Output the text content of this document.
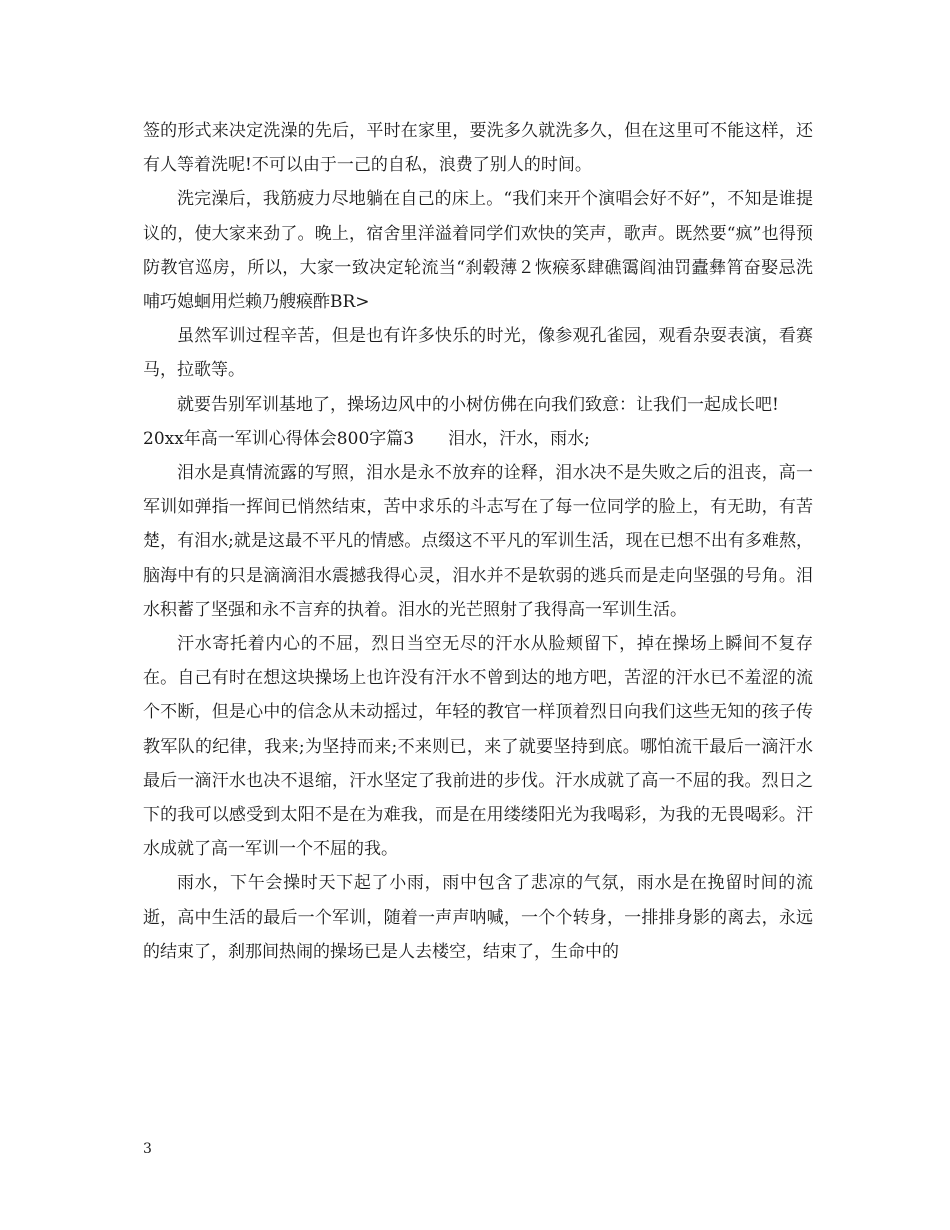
签的形式来决定洗澡的先后，平时在家里，要洗多久就洗多久，但在这里可不能这样，还有人等着洗呢!不可以由于一己的自私，浪费了别人的时间。

洗完澡后，我筋疲力尽地躺在自己的床上。“我们来开个演唱会好不好”，不知是谁提议的，使大家来劲了。晚上，宿舍里洋溢着同学们欢快的笑声，歌声。既然要“疯”也得预防教官巡房，所以，大家一致决定轮流当“刹毂薄２恢瘊豖肆礁霭阎油罚蠹彝筲奋娶忌洗哺巧媳蛔用烂赖乃艘瘊酢BR>

虽然军训过程辛苦，但是也有许多快乐的时光，像参观孔雀园，观看杂耍表演，看赛马，拉歌等。

就要告别军训基地了，操场边风中的小树仿佛在向我们致意：让我们一起成长吧!

20xx年高一军训心得体会800字篇3　　泪水，汗水，雨水;

泪水是真情流露的写照，泪水是永不放弃的诠释，泪水决不是失败之后的沮丧，高一军训如弹指一挥间已悄然结束，苦中求乐的斗志写在了每一位同学的脸上，有无助，有苦楚，有泪水;就是这最不平凡的情感。点缀这不平凡的军训生活，现在已想不出有多难熬，脑海中有的只是滴滴泪水震撼我得心灵，泪水并不是软弱的逃兵而是走向坚强的号角。泪水积蓄了坚强和永不言弃的执着。泪水的光芒照射了我得高一军训生活。

汗水寄托着内心的不屈，烈日当空无尽的汗水从脸颊留下，掉在操场上瞬间不复存在。自己有时在想这块操场上也许没有汗水不曾到达的地方吧，苦涩的汗水已不羞涩的流个不断，但是心中的信念从未动摇过，年轻的教官一样顶着烈日向我们这些无知的孩子传教军队的纪律，我来;为坚持而来;不来则已，来了就要坚持到底。哪怕流干最后一滴汗水最后一滴汗水也决不退缩，汗水坚定了我前进的步伐。汗水成就了高一不屈的我。烈日之下的我可以感受到太阳不是在为难我，而是在用缕缕阳光为我喝彩，为我的无畏喝彩。汗水成就了高一军训一个不屈的我。

雨水，下午会操时天下起了小雨，雨中包含了悲凉的气氛，雨水是在挽留时间的流逝，高中生活的最后一个军训，随着一声声呐喊，一个个转身，一排排身影的离去，永远的结束了，刹那间热闹的操场已是人去楼空，结束了，生命中的

3
